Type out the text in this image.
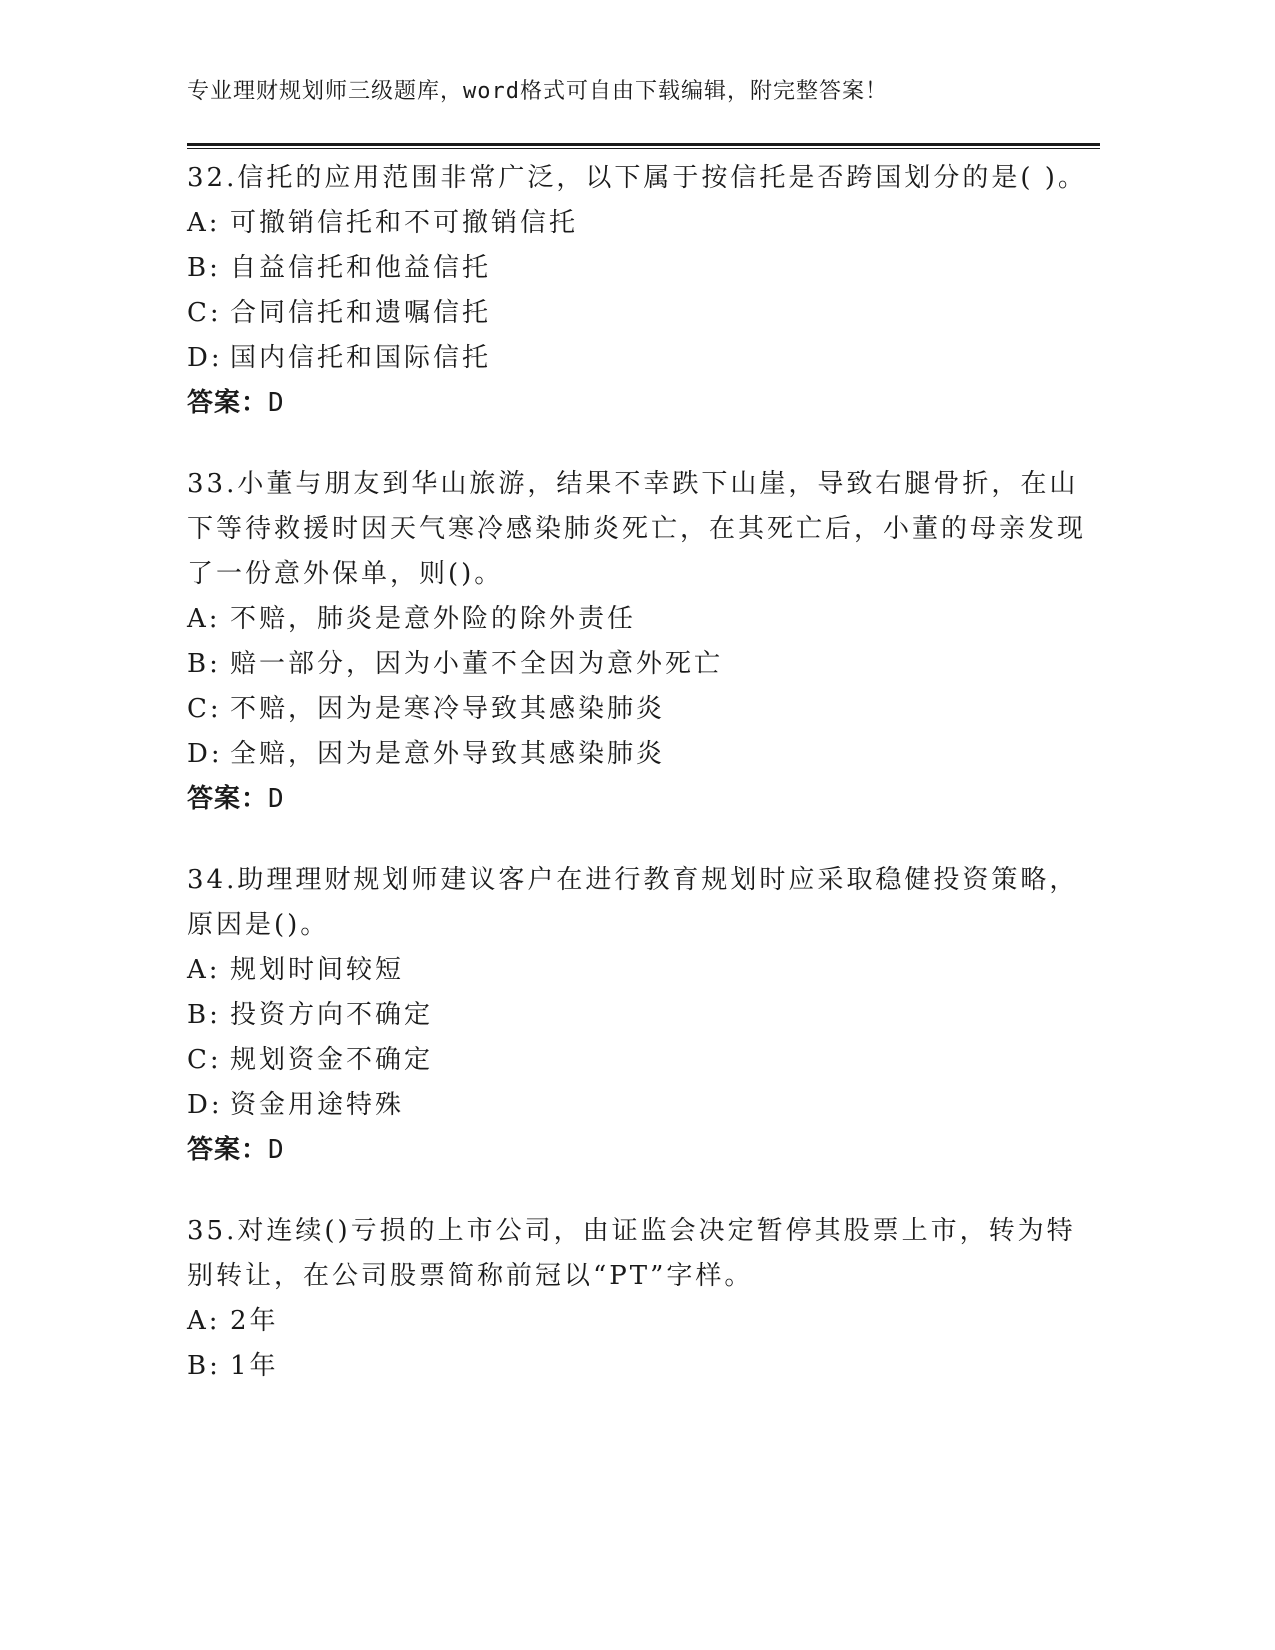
专业理财规划师三级题库，word格式可自由下载编辑，附完整答案！

32.信托的应用范围非常广泛，以下属于按信托是否跨国划分的是( )。

A: 可撤销信托和不可撤销信托
B: 自益信托和他益信托
C: 合同信托和遗嘱信托
D: 国内信托和国际信托

答案：D

33.小董与朋友到华山旅游，结果不幸跌下山崖，导致右腿骨折，在山下等待救援时因天气寒冷感染肺炎死亡，在其死亡后，小董的母亲发现了一份意外保单，则()。

A: 不赔，肺炎是意外险的除外责任
B: 赔一部分，因为小董不全因为意外死亡
C: 不赔，因为是寒冷导致其感染肺炎
D: 全赔，因为是意外导致其感染肺炎

答案：D

34.助理理财规划师建议客户在进行教育规划时应采取稳健投资策略，原因是()。

A: 规划时间较短
B: 投资方向不确定
C: 规划资金不确定
D: 资金用途特殊

答案：D

35.对连续()亏损的上市公司，由证监会决定暂停其股票上市，转为特别转让，在公司股票简称前冠以“PT”字样。

A: 2年
B: 1年
